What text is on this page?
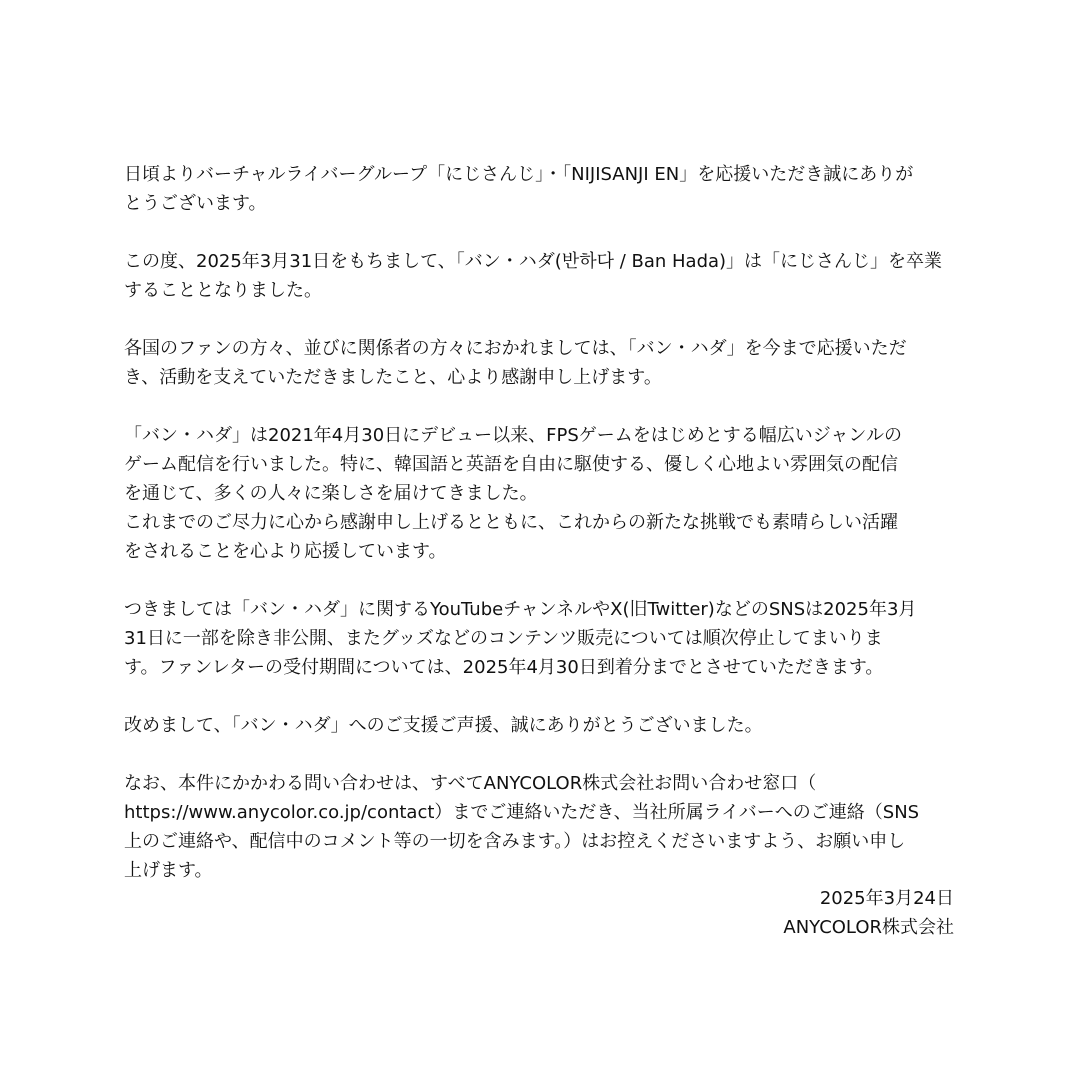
日頃よりバーチャルライバーグループ「にじさんじ」・「NIJISANJI EN」を応援いただき誠にありが
とうございます。

この度、2025年3月31日をもちまして、「バン・ハダ(반하다 / Ban Hada)」は「にじさんじ」を卒業
することとなりました。

各国のファンの方々、並びに関係者の方々におかれましては、「バン・ハダ」を今まで応援いただ
き、活動を支えていただきましたこと、心より感謝申し上げます。

「バン・ハダ」は2021年4月30日にデビュー以来、FPSゲームをはじめとする幅広いジャンルの
ゲーム配信を行いました。特に、韓国語と英語を自由に駆使する、優しく心地よい雰囲気の配信
を通じて、多くの人々に楽しさを届けてきました。
これまでのご尽力に心から感謝申し上げるとともに、これからの新たな挑戦でも素晴らしい活躍
をされることを心より応援しています。

つきましては「バン・ハダ」に関するYouTubeチャンネルやX(旧Twitter)などのSNSは2025年3月
31日に一部を除き非公開、またグッズなどのコンテンツ販売については順次停止してまいりま
す。ファンレターの受付期間については、2025年4月30日到着分までとさせていただきます。

改めまして、「バン・ハダ」へのご支援ご声援、誠にありがとうございました。

なお、本件にかかわる問い合わせは、すべてANYCOLOR株式会社お問い合わせ窓口（
https://www.anycolor.co.jp/contact）までご連絡いただき、当社所属ライバーへのご連絡（SNS
上のご連絡や、配信中のコメント等の一切を含みます。）はお控えくださいますよう、お願い申し
上げます。

2025年3月24日
ANYCOLOR株式会社
